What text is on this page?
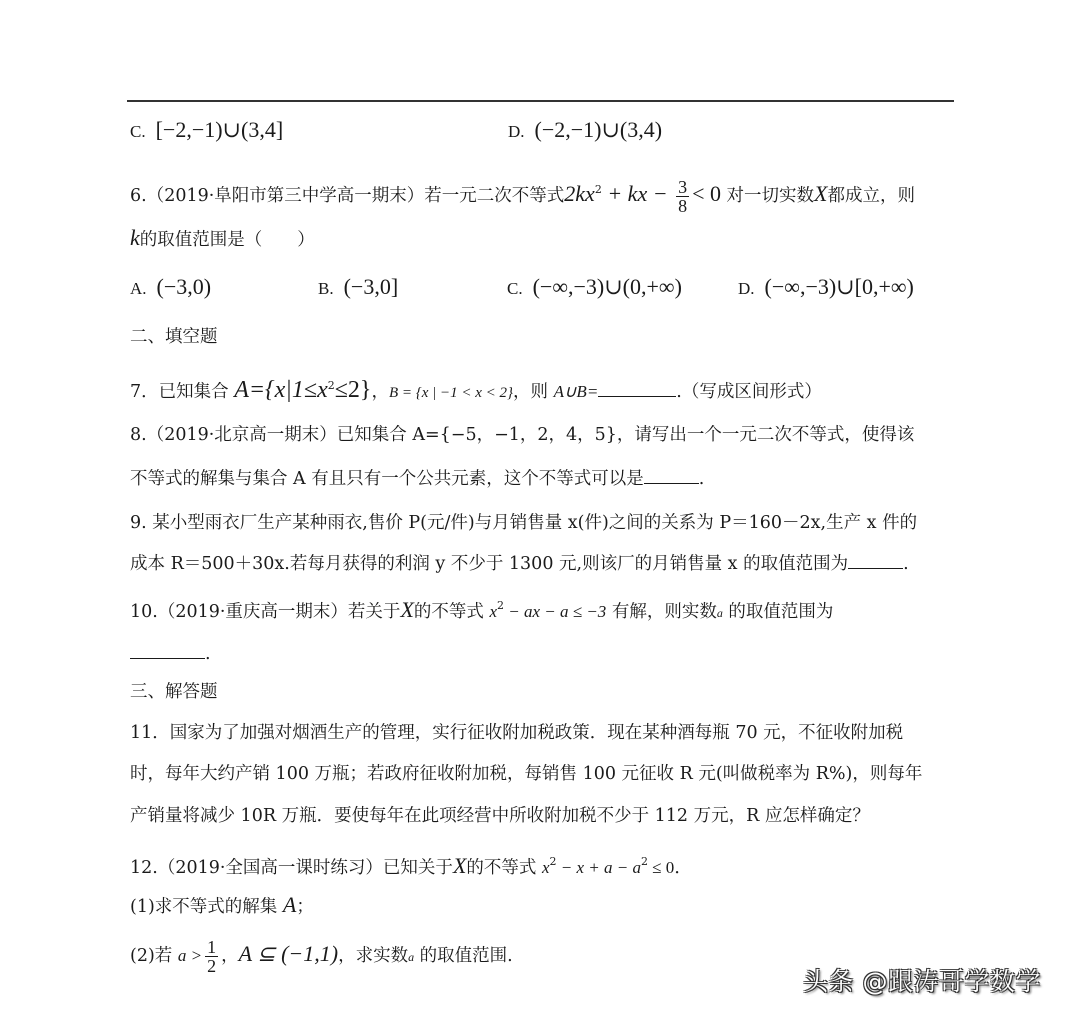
C. [−2,−1)∪(3,4]	D. (−2,−1)∪(3,4)
6.（2019·阜阳市第三中学高一期末）若一元二次不等式$2kx^2$ + kx − $\frac{3}{8} < 0$ 对一切实数X都成立，则
k的取值范围是（　　）
A. (−3,0)	B. (−3,0]	C. (−∞,−3)∪(0,+∞)	D. (−∞,−3)∪[0,+∞)
二、填空题
7．已知集合 $A=\{x|1\le x^2\le 2\}$，B = {x | −1 < x < 2}，则 A∪B=	.（写成区间形式）
8.（2019·北京高一期末）已知集合 A={−5，−1，2，4，5}，请写出一个一元二次不等式，使得该
不等式的解集与集合 A 有且只有一个公共元素，这个不等式可以是	.
9. 某小型雨衣厂生产某种雨衣,售价 P(元/件)与月销售量 x(件)之间的关系为 P＝160－2x,生产 x 件的
成本 R＝500＋30x.若每月获得的利润 y 不少于 1300 元,则该厂的月销售量 x 的取值范围为	.
10.（2019·重庆高一期末）若关于X的不等式 $x^2$ − ax − a ≤ −3 有解，则实数a 的取值范围为
.
三、解答题
11．国家为了加强对烟酒生产的管理，实行征收附加税政策．现在某种酒每瓶 70 元，不征收附加税
时，每年大约产销 100 万瓶；若政府征收附加税，每销售 100 元征收 R 元(叫做税率为 R%)，则每年
产销量将减少 10R 万瓶．要使每年在此项经营中所收附加税不少于 112 万元，R 应怎样确定？
12.（2019·全国高一课时练习）已知关于X的不等式 $x^2 - x + a - a^2 \le 0$．
(1)求不等式的解集 A；
(2)若 $a > \frac{1}{2}$ ，A ⊆ (−1,1)，求实数a 的取值范围.
头条 @跟涛哥学数学
